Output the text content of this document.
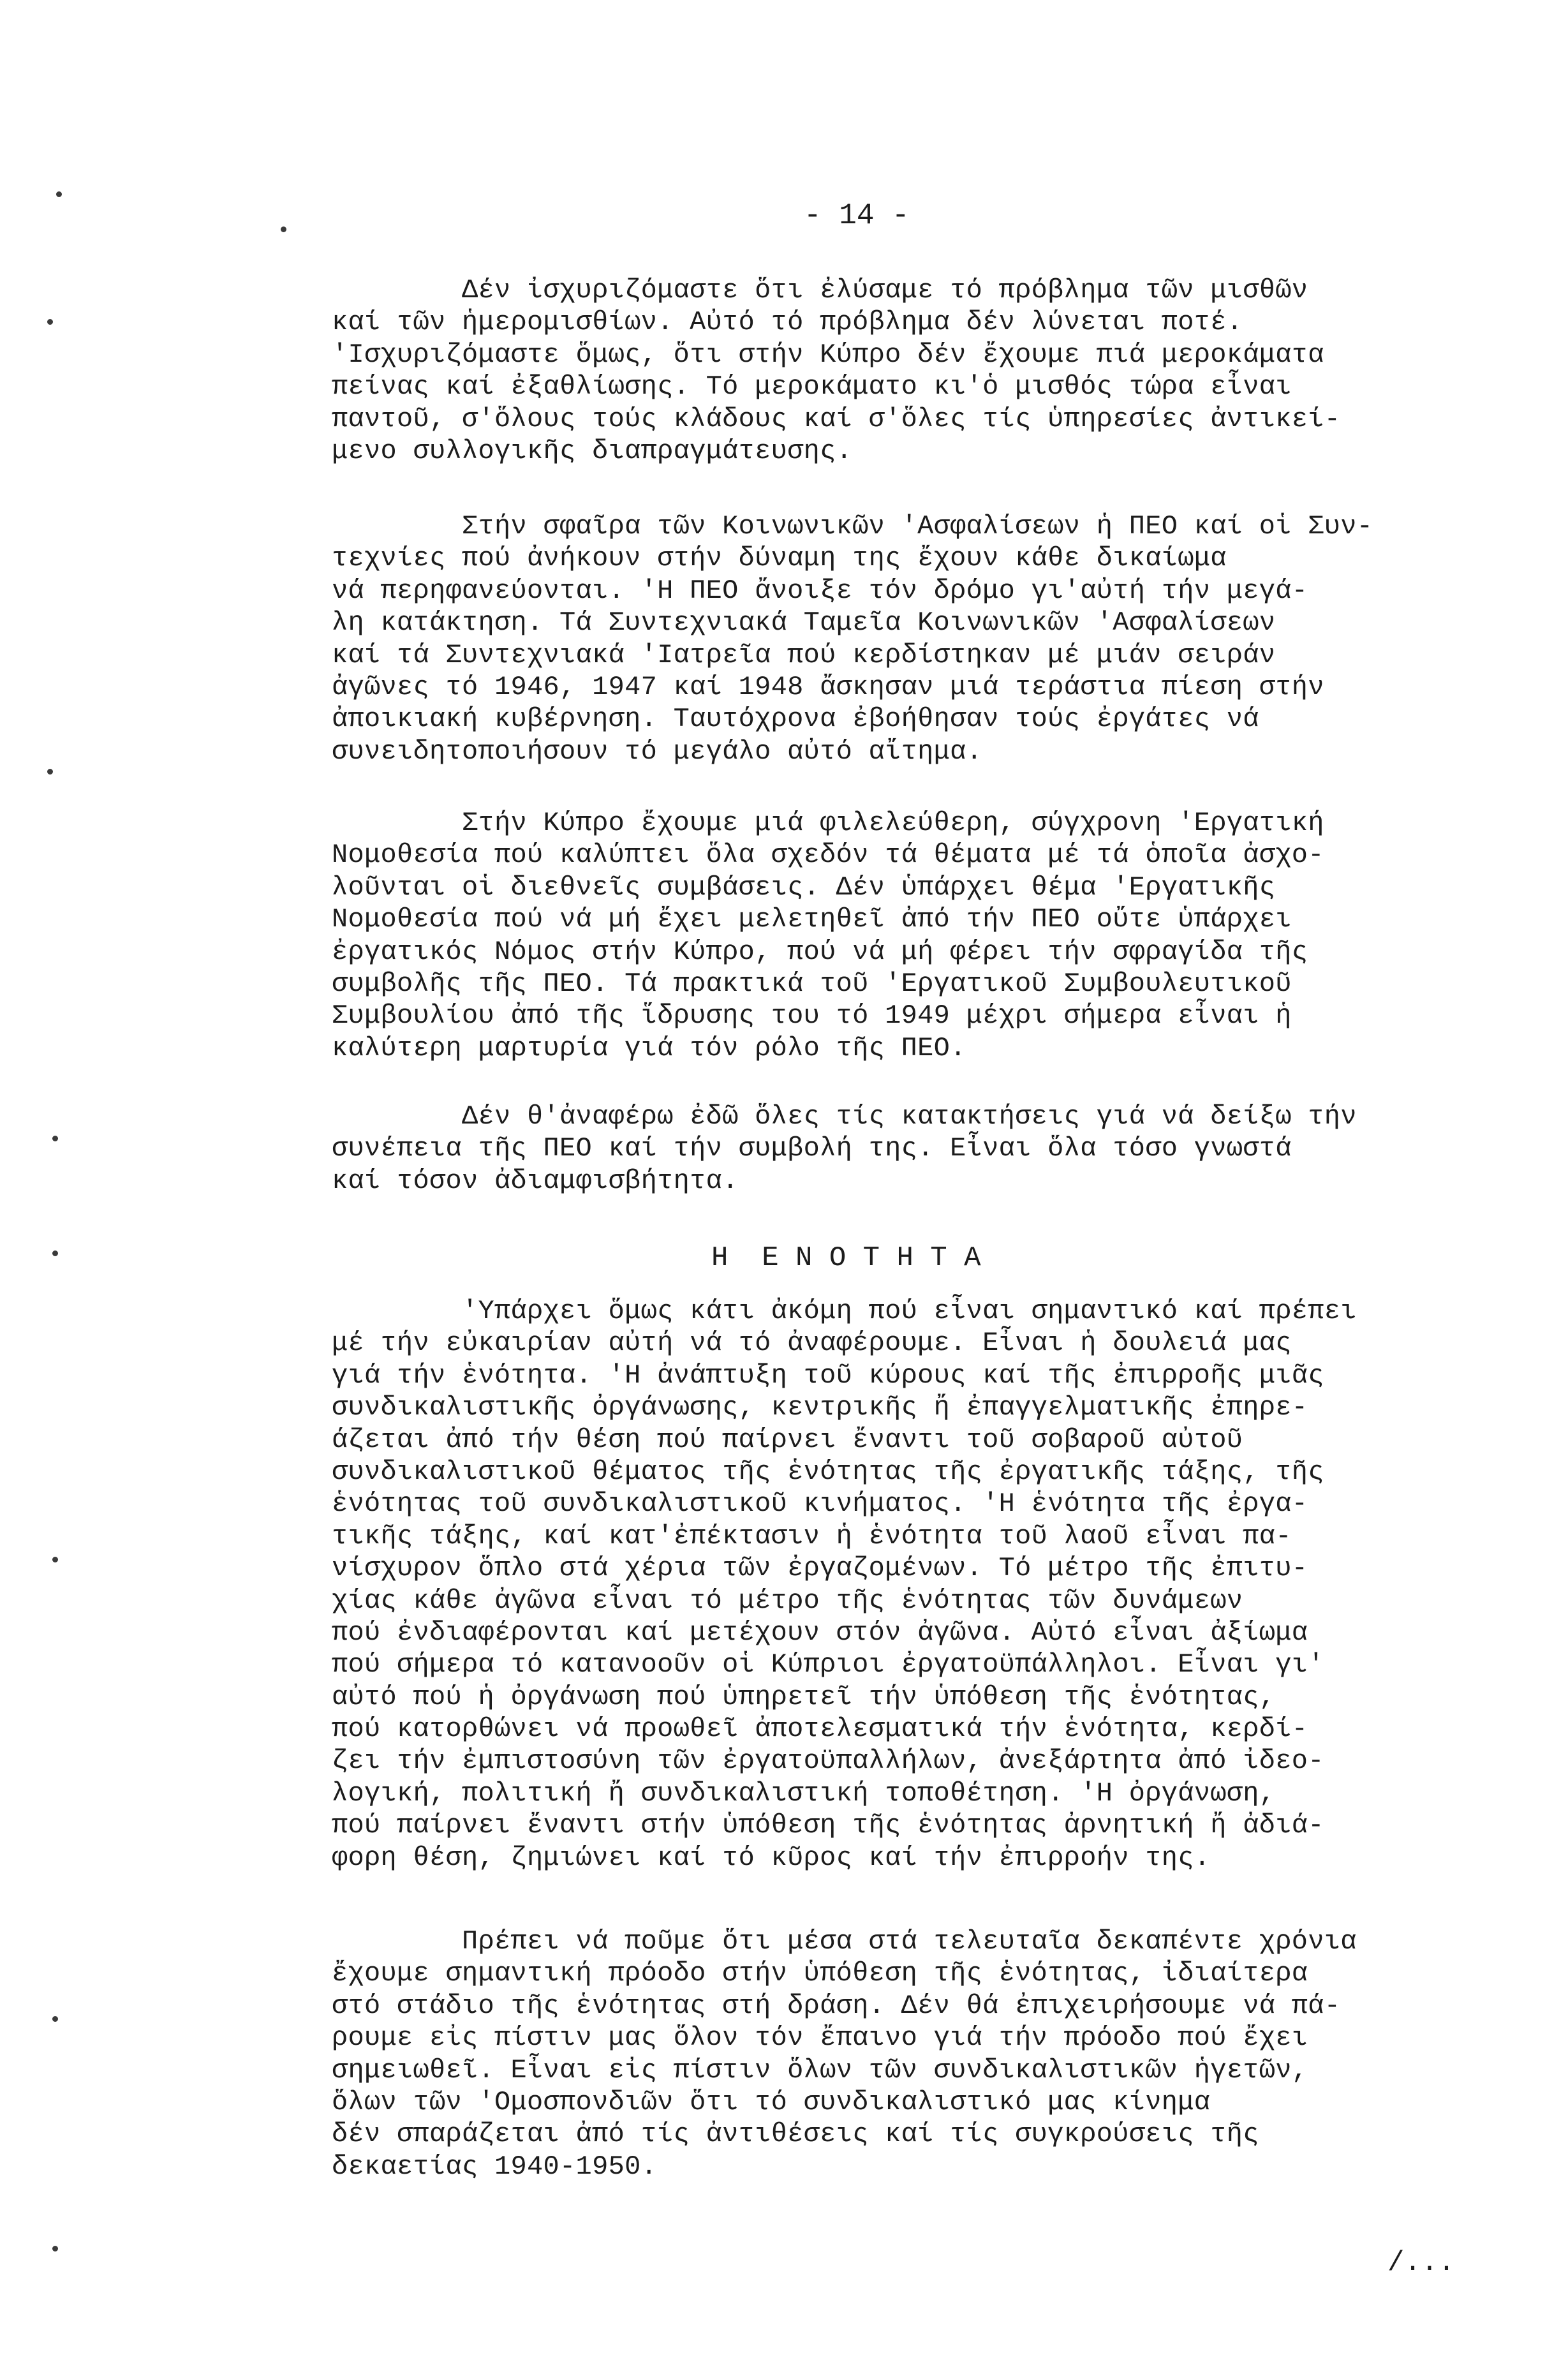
- 14 -
Δέν ἰσχυριζόμαστε ὅτι ἐλύσαμε τό πρόβλημα τῶν μισθῶν
καί τῶν ἡμερομισθίων. Αὐτό τό πρόβλημα δέν λύνεται ποτέ.
'Ισχυριζόμαστε ὅμως, ὅτι στήν Κύπρο δέν ἔχουμε πιά μεροκάματα
πείνας καί ἐξαθλίωσης. Τό μεροκάματο κι'ὁ μισθός τώρα εἶναι
παντοῦ, σ'ὅλους τούς κλάδους καί σ'ὅλες τίς ὑπηρεσίες ἀντικεί-
μενο συλλογικῆς διαπραγμάτευσης.
Στήν σφαῖρα τῶν Κοινωνικῶν 'Ασφαλίσεων ἡ ΠΕΟ καί οἱ Συν-
τεχνίες πού ἀνήκουν στήν δύναμη της ἔχουν κάθε δικαίωμα
νά περηφανεύονται. 'Η ΠΕΟ ἄνοιξε τόν δρόμο γι'αὐτή τήν μεγά-
λη κατάκτηση. Τά Συντεχνιακά Ταμεῖα Κοινωνικῶν 'Ασφαλίσεων
καί τά Συντεχνιακά 'Ιατρεῖα πού κερδίστηκαν μέ μιάν σειράν
ἀγῶνες τό 1946, 1947 καί 1948 ἄσκησαν μιά τεράστια πίεση στήν
ἀποικιακή κυβέρνηση. Ταυτόχρονα ἐβοήθησαν τούς ἐργάτες νά
συνειδητοποιήσουν τό μεγάλο αὐτό αἴτημα.
Στήν Κύπρο ἔχουμε μιά φιλελεύθερη, σύγχρονη 'Εργατική
Νομοθεσία πού καλύπτει ὅλα σχεδόν τά θέματα μέ τά ὁποῖα ἀσχο-
λοῦνται οἱ διεθνεῖς συμβάσεις. Δέν ὑπάρχει θέμα 'Εργατικῆς
Νομοθεσία πού νά μή ἔχει μελετηθεῖ ἀπό τήν ΠΕΟ οὔτε ὑπάρχει
ἐργατικός Νόμος στήν Κύπρο, πού νά μή φέρει τήν σφραγίδα τῆς
συμβολῆς τῆς ΠΕΟ. Τά πρακτικά τοῦ 'Εργατικοῦ Συμβουλευτικοῦ
Συμβουλίου ἀπό τῆς ἵδρυσης του τό 1949 μέχρι σήμερα εἶναι ἡ
καλύτερη μαρτυρία γιά τόν ρόλο τῆς ΠΕΟ.
Δέν θ'ἀναφέρω ἐδῶ ὅλες τίς κατακτήσεις γιά νά δείξω τήν
συνέπεια τῆς ΠΕΟ καί τήν συμβολή της. Εἶναι ὅλα τόσο γνωστά
καί τόσον ἀδιαμφισβήτητα.
Η  Ε Ν Ο Τ Η Τ Α
'Υπάρχει ὅμως κάτι ἀκόμη πού εἶναι σημαντικό καί πρέπει
μέ τήν εὐκαιρίαν αὐτή νά τό ἀναφέρουμε. Εἶναι ἡ δουλειά μας
γιά τήν ἑνότητα. 'Η ἀνάπτυξη τοῦ κύρους καί τῆς ἐπιρροῆς μιᾶς
συνδικαλιστικῆς ὀργάνωσης, κεντρικῆς ἤ ἐπαγγελματικῆς ἐπηρε-
άζεται ἀπό τήν θέση πού παίρνει ἔναντι τοῦ σοβαροῦ αὐτοῦ
συνδικαλιστικοῦ θέματος τῆς ἑνότητας τῆς ἐργατικῆς τάξης, τῆς
ἑνότητας τοῦ συνδικαλιστικοῦ κινήματος. 'Η ἑνότητα τῆς ἐργα-
τικῆς τάξης, καί κατ'ἐπέκτασιν ἡ ἑνότητα τοῦ λαοῦ εἶναι πα-
νίσχυρον ὅπλο στά χέρια τῶν ἐργαζομένων. Τό μέτρο τῆς ἐπιτυ-
χίας κάθε ἀγῶνα εἶναι τό μέτρο τῆς ἑνότητας τῶν δυνάμεων
πού ἐνδιαφέρονται καί μετέχουν στόν ἀγῶνα. Αὐτό εἶναι ἀξίωμα
πού σήμερα τό κατανοοῦν οἱ Κύπριοι ἐργατοϋπάλληλοι. Εἶναι γι'
αὐτό πού ἡ ὀργάνωση πού ὑπηρετεῖ τήν ὑπόθεση τῆς ἑνότητας,
πού κατορθώνει νά προωθεῖ ἀποτελεσματικά τήν ἑνότητα, κερδί-
ζει τήν ἐμπιστοσύνη τῶν ἐργατοϋπαλλήλων, ἀνεξάρτητα ἀπό ἰδεο-
λογική, πολιτική ἤ συνδικαλιστική τοποθέτηση. 'Η ὀργάνωση,
πού παίρνει ἔναντι στήν ὑπόθεση τῆς ἑνότητας ἀρνητική ἤ ἀδιά-
φορη θέση, ζημιώνει καί τό κῦρος καί τήν ἐπιρροήν της.
Πρέπει νά ποῦμε ὅτι μέσα στά τελευταῖα δεκαπέντε χρόνια
ἔχουμε σημαντική πρόοδο στήν ὑπόθεση τῆς ἑνότητας, ἰδιαίτερα
στό στάδιο τῆς ἑνότητας στή δράση. Δέν θά ἐπιχειρήσουμε νά πά-
ρουμε εἰς πίστιν μας ὅλον τόν ἔπαινο γιά τήν πρόοδο πού ἔχει
σημειωθεῖ. Εἶναι εἰς πίστιν ὅλων τῶν συνδικαλιστικῶν ἡγετῶν,
ὅλων τῶν 'Ομοσπονδιῶν ὅτι τό συνδικαλιστικό μας κίνημα
δέν σπαράζεται ἀπό τίς ἀντιθέσεις καί τίς συγκρούσεις τῆς
δεκαετίας 1940-1950.
/...
